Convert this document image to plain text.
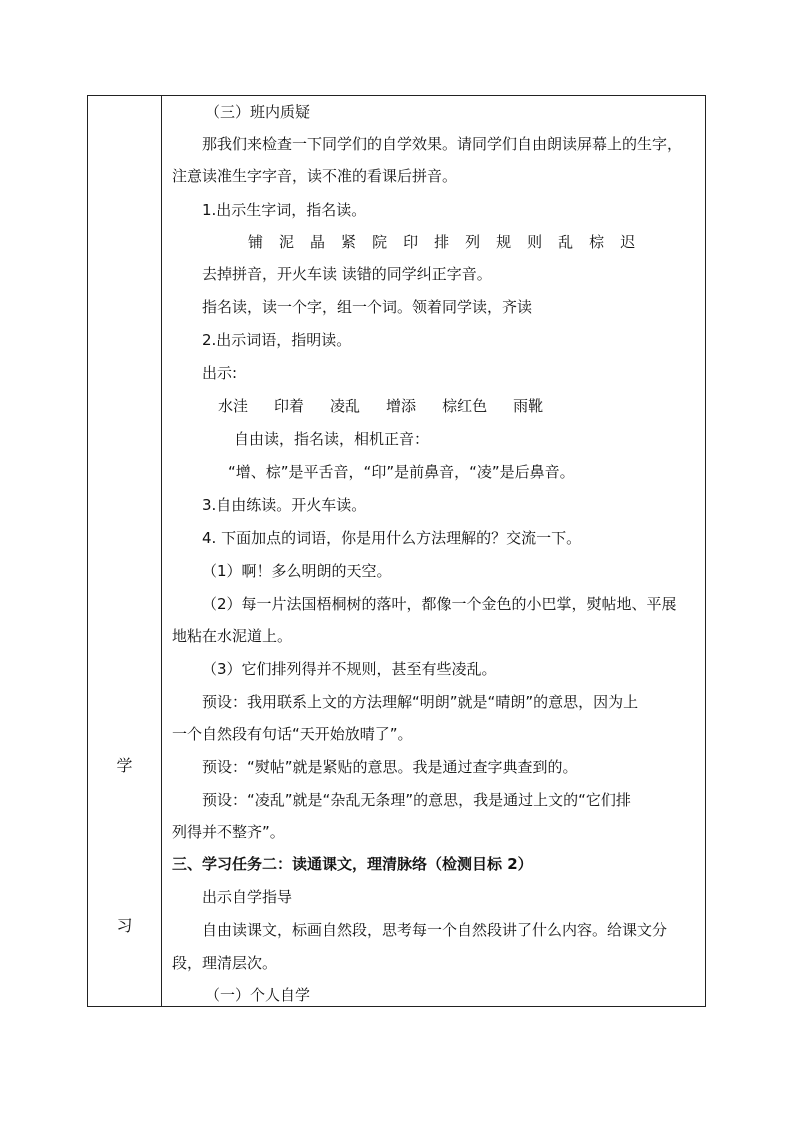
学
习
（三）班内质疑
那我们来检查一下同学们的自学效果。请同学们自由朗读屏幕上的生字，
注意读准生字字音，读不准的看课后拼音。
1.出示生字词，指名读。
铺 泥 晶 紧 院 印 排 列 规 则 乱 棕 迟
去掉拼音，开火车读 读错的同学纠正字音。
指名读，读一个字，组一个词。领着同学读，齐读
2.出示词语，指明读。
出示:
水洼 印着 凌乱 增添 棕红色 雨靴
自由读，指名读，相机正音：
“增、棕”是平舌音，“印”是前鼻音，“凌”是后鼻音。
3.自由练读。开火车读。
4. 下面加点的词语，你是用什么方法理解的？交流一下。
（1）啊！多么明朗的天空。
（2）每一片法国梧桐树的落叶，都像一个金色的小巴掌，熨帖地、平展
地粘在水泥道上。
（3）它们排列得并不规则，甚至有些凌乱。
预设：我用联系上文的方法理解“明朗”就是“晴朗”的意思，因为上
一个自然段有句话“天开始放晴了”。
预设：“熨帖”就是紧贴的意思。我是通过查字典查到的。
预设：“凌乱”就是“杂乱无条理”的意思，我是通过上文的“它们排
列得并不整齐”。
三、学习任务二：读通课文，理清脉络（检测目标 2）
出示自学指导
自由读课文，标画自然段，思考每一个自然段讲了什么内容。给课文分
段，理清层次。
（一）个人自学
